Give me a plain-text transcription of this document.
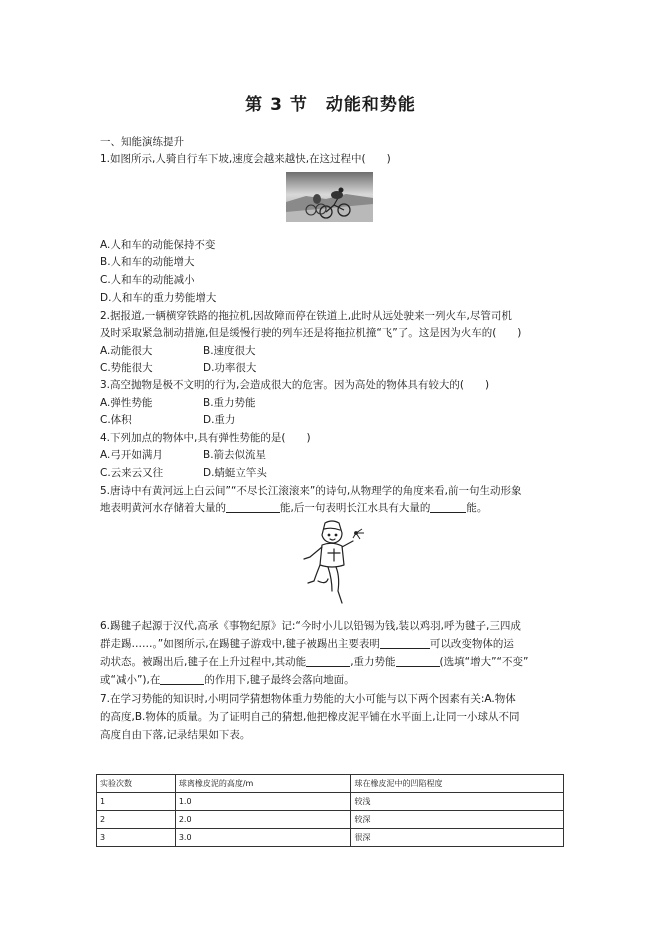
第 3 节　动能和势能
一、知能演练提升
1.如图所示,人骑自行车下坡,速度会越来越快,在这过程中(　　)
A.人和车的动能保持不变
B.人和车的动能增大
C.人和车的动能减小
D.人和车的重力势能增大
2.据报道,一辆横穿铁路的拖拉机,因故障而停在铁道上,此时从远处驶来一列火车,尽管司机
及时采取紧急制动措施,但是缓慢行驶的列车还是将拖拉机撞“飞”了。这是因为火车的(　　)
A.动能很大	B.速度很大
C.势能很大	D.功率很大
3.高空抛物是极不文明的行为,会造成很大的危害。因为高处的物体具有较大的(　　)
A.弹性势能	B.重力势能
C.体积	D.重力
4.下列加点的物体中,具有弹性势能的是(　　)
A.弓开如满月	B.箭去似流星
C.云来云又往	D.蜻蜓立竿头
5.唐诗中有黄河远上白云间”“不尽长江滚滚来”的诗句,从物理学的角度来看,前一句生动形象
地表明黄河水存储着大量的	能,后一句表明长江水具有大量的	能。
6.踢毽子起源于汉代,高承《事物纪原》记:“今时小儿以铅锡为钱,装以鸡羽,呼为毽子,三四成
群走踢……。”如图所示,在踢毽子游戏中,毽子被踢出主要表明	可以改变物体的运
动状态。被踢出后,毽子在上升过程中,其动能	,重力势能	(选填“增大”“不变”
或“减小”),在	的作用下,毽子最终会落向地面。
7.在学习势能的知识时,小明同学猜想物体重力势能的大小可能与以下两个因素有关:A.物体
的高度,B.物体的质量。为了证明自己的猜想,他把橡皮泥平铺在水平面上,让同一小球从不同
高度自由下落,记录结果如下表。
实验次数	球离橡皮泥的高度/m	球在橡皮泥中的凹陷程度
1	1.0	较浅
2	2.0	较深
3	3.0	很深
